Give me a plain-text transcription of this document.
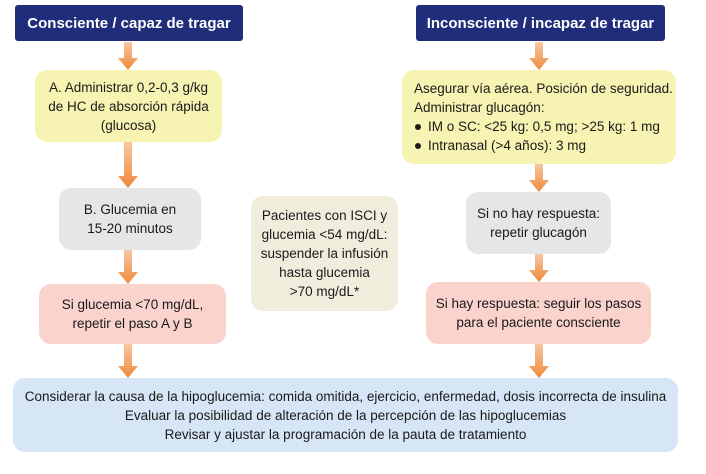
Consciente / capaz de tragar	Inconsciente / incapaz de tragar
A. Administrar 0,2-0,3 g/kg
de HC de absorción rápida
(glucosa)
B. Glucemia en
15-20 minutos
Si glucemia <70 mg/dL,
repetir el paso A y B
Pacientes con ISCI y
glucemia <54 mg/dL:
suspender la infusión
hasta glucemia
>70 mg/dL*
Asegurar vía aérea. Posición de seguridad.
Administrar glucagón:
IM o SC: <25 kg: 0,5 mg; >25 kg: 1 mg
Intranasal (>4 años): 3 mg
Si no hay respuesta:
repetir glucagón
Si hay respuesta: seguir los pasos
para el paciente consciente
Considerar la causa de la hipoglucemia: comida omitida, ejercicio, enfermedad, dosis incorrecta de insulina
Evaluar la posibilidad de alteración de la percepción de las hipoglucemias
Revisar y ajustar la programación de la pauta de tratamiento
